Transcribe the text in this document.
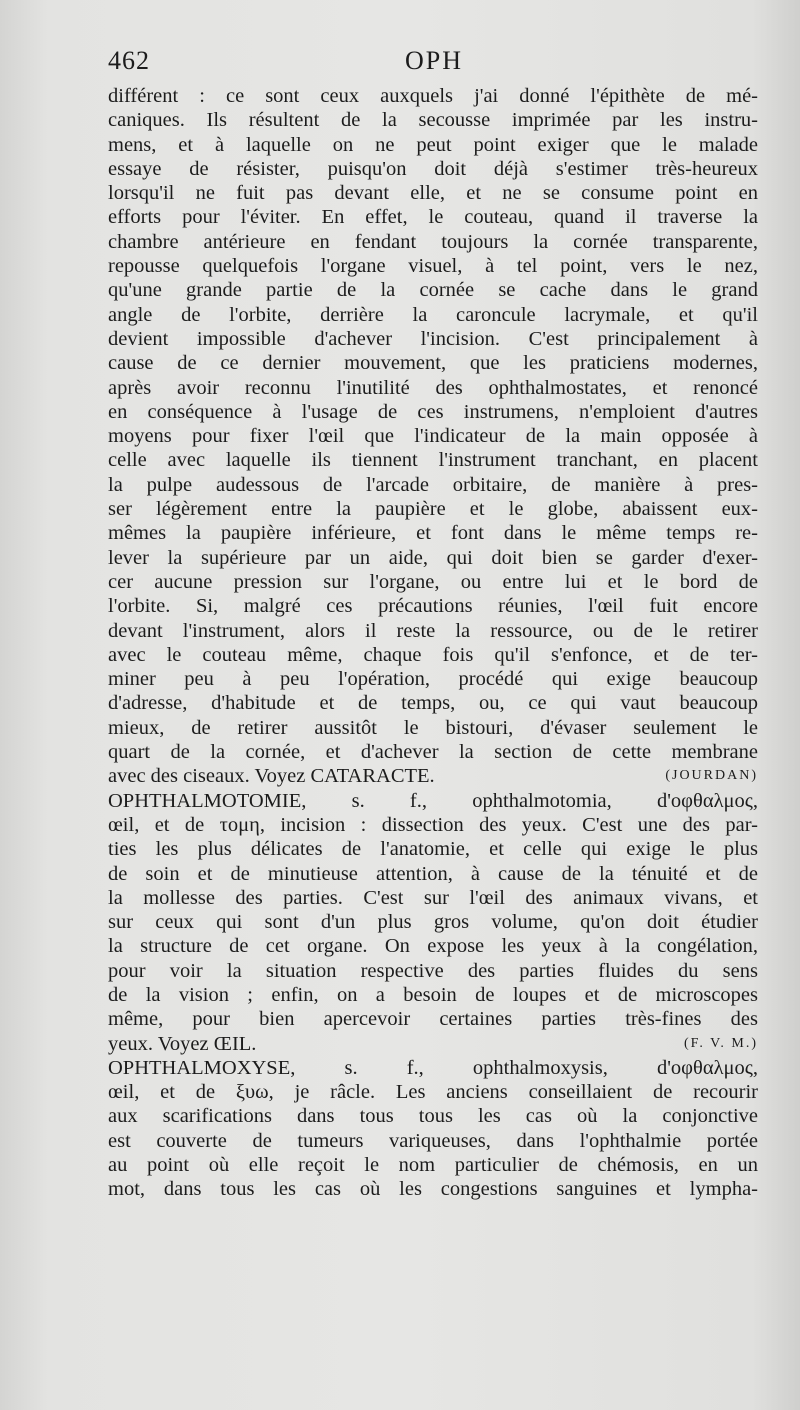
462	OPH
différent : ce sont ceux auxquels j'ai donné l'épithète de mé-
caniques. Ils résultent de la secousse imprimée par les instru-
mens, et à laquelle on ne peut point exiger que le malade
essaye de résister, puisqu'on doit déjà s'estimer très-heureux
lorsqu'il ne fuit pas devant elle, et ne se consume point en
efforts pour l'éviter. En effet, le couteau, quand il traverse la
chambre antérieure en fendant toujours la cornée transparente,
repousse quelquefois l'organe visuel, à tel point, vers le nez,
qu'une grande partie de la cornée se cache dans le grand
angle de l'orbite, derrière la caroncule lacrymale, et qu'il
devient impossible d'achever l'incision. C'est principalement à
cause de ce dernier mouvement, que les praticiens modernes,
après avoir reconnu l'inutilité des ophthalmostates, et renoncé
en conséquence à l'usage de ces instrumens, n'emploient d'autres
moyens pour fixer l'œil que l'indicateur de la main opposée à
celle avec laquelle ils tiennent l'instrument tranchant, en placent
la pulpe audessous de l'arcade orbitaire, de manière à pres-
ser légèrement entre la paupière et le globe, abaissent eux-
mêmes la paupière inférieure, et font dans le même temps re-
lever la supérieure par un aide, qui doit bien se garder d'exer-
cer aucune pression sur l'organe, ou entre lui et le bord de
l'orbite. Si, malgré ces précautions réunies, l'œil fuit encore
devant l'instrument, alors il reste la ressource, ou de le retirer
avec le couteau même, chaque fois qu'il s'enfonce, et de ter-
miner peu à peu l'opération, procédé qui exige beaucoup
d'adresse, d'habitude et de temps, ou, ce qui vaut beaucoup
mieux, de retirer aussitôt le bistouri, d'évaser seulement le
quart de la cornée, et d'achever la section de cette membrane
avec des ciseaux. Voyez CATARACTE.	(JOURDAN)
OPHTHALMOTOMIE, s. f., ophthalmotomia, d'οφθαλμος,
œil, et de τομη, incision : dissection des yeux. C'est une des par-
ties les plus délicates de l'anatomie, et celle qui exige le plus
de soin et de minutieuse attention, à cause de la ténuité et de
la mollesse des parties. C'est sur l'œil des animaux vivans, et
sur ceux qui sont d'un plus gros volume, qu'on doit étudier
la structure de cet organe. On expose les yeux à la congélation,
pour voir la situation respective des parties fluides du sens
de la vision ; enfin, on a besoin de loupes et de microscopes
même, pour bien apercevoir certaines parties très-fines des
yeux. Voyez ŒIL.	(F. V. M.)
OPHTHALMOXYSE, s. f., ophthalmoxysis, d'οφθαλμος,
œil, et de ξυω, je râcle. Les anciens conseillaient de recourir
aux scarifications dans tous tous les cas où la conjonctive
est couverte de tumeurs variqueuses, dans l'ophthalmie portée
au point où elle reçoit le nom particulier de chémosis, en un
mot, dans tous les cas où les congestions sanguines et lympha-
